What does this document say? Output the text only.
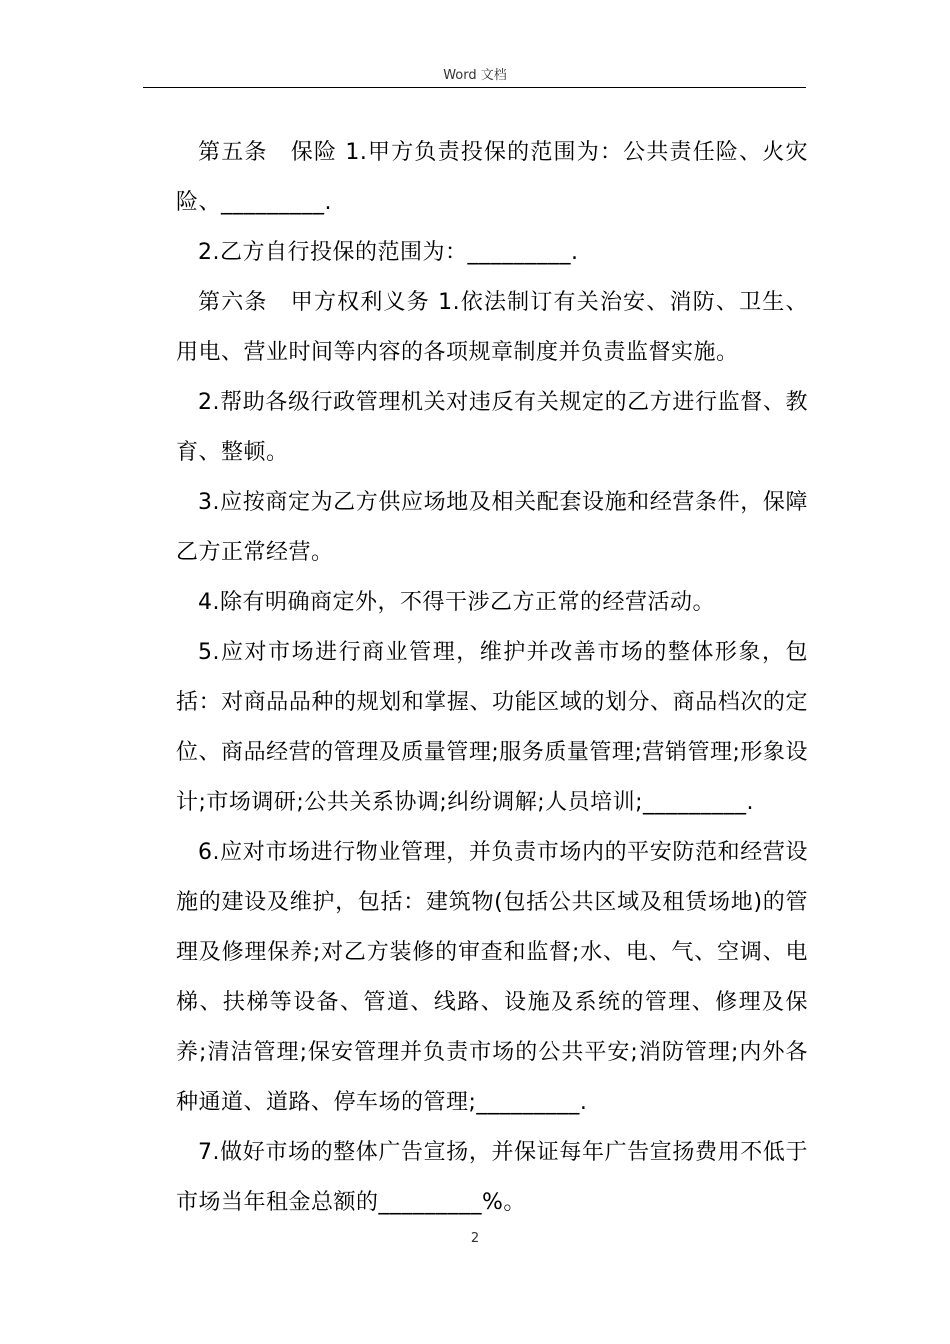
Word 文档

第五条　保险 1.甲方负责投保的范围为：公共责任险、火灾险、_________.

2.乙方自行投保的范围为：_________.

第六条　甲方权利义务 1.依法制订有关治安、消防、卫生、用电、营业时间等内容的各项规章制度并负责监督实施。

2.帮助各级行政管理机关对违反有关规定的乙方进行监督、教育、整顿。

3.应按商定为乙方供应场地及相关配套设施和经营条件，保障乙方正常经营。

4.除有明确商定外，不得干涉乙方正常的经营活动。

5.应对市场进行商业管理，维护并改善市场的整体形象，包括：对商品品种的规划和掌握、功能区域的划分、商品档次的定位、商品经营的管理及质量管理;服务质量管理;营销管理;形象设计;市场调研;公共关系协调;纠纷调解;人员培训;_________.

6.应对市场进行物业管理，并负责市场内的平安防范和经营设施的建设及维护，包括：建筑物(包括公共区域及租赁场地)的管理及修理保养;对乙方装修的审查和监督;水、电、气、空调、电梯、扶梯等设备、管道、线路、设施及系统的管理、修理及保养;清洁管理;保安管理并负责市场的公共平安;消防管理;内外各种通道、道路、停车场的管理;_________.

7.做好市场的整体广告宣扬，并保证每年广告宣扬费用不低于市场当年租金总额的_________%。

2
